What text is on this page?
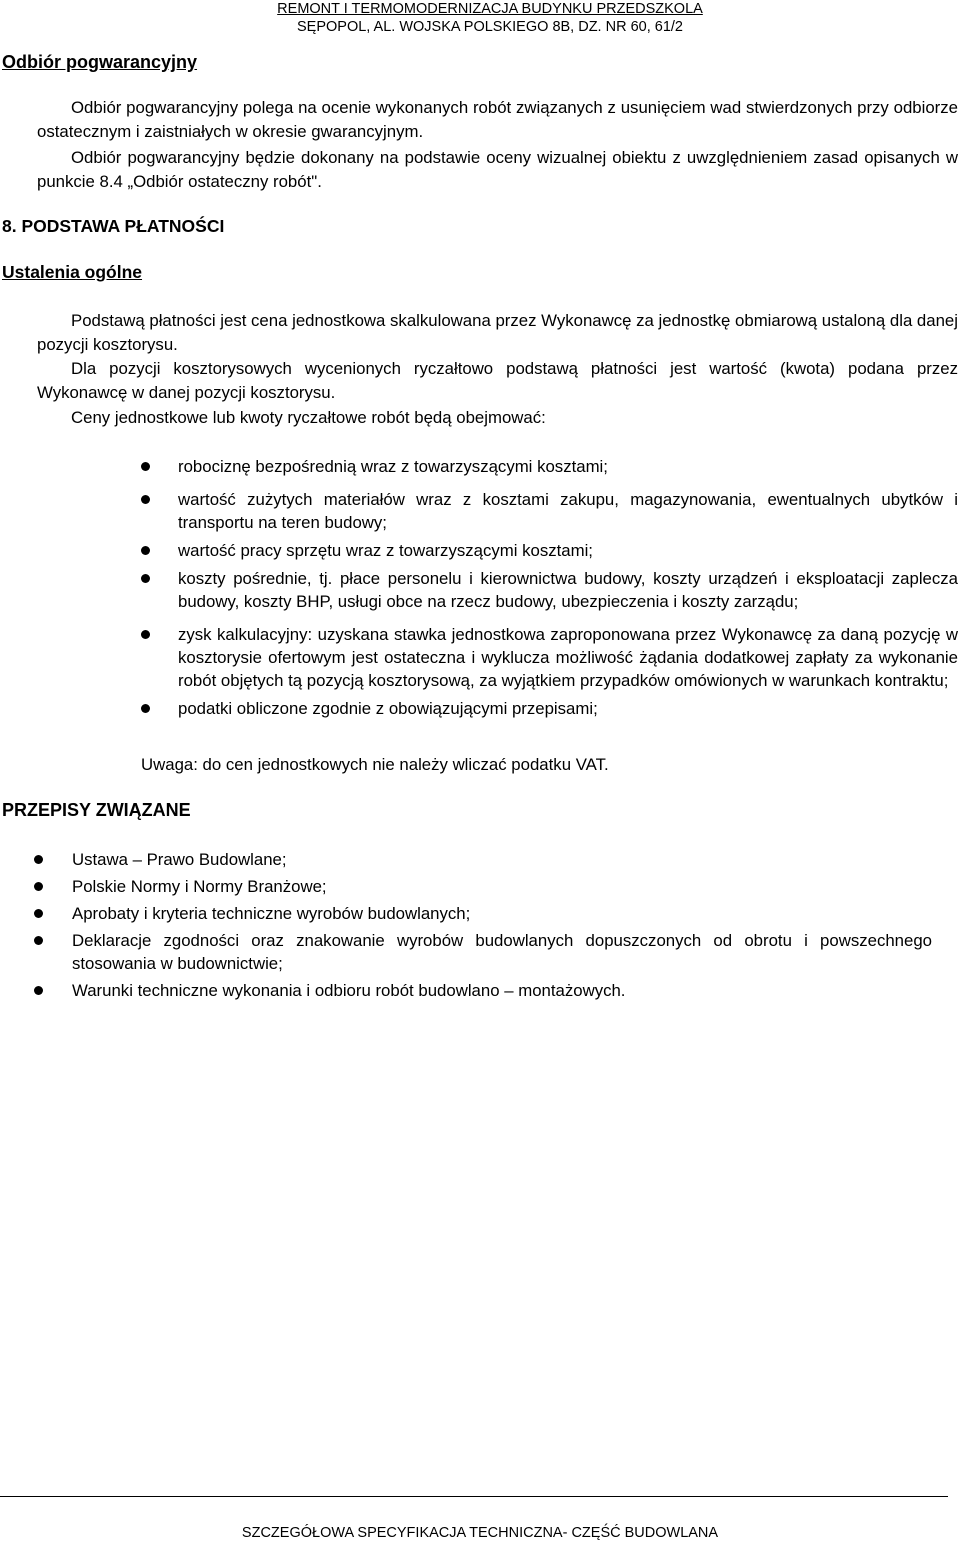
REMONT I TERMOMODERNIZACJA BUDYNKU PRZEDSZKOLA
SĘPOPOL, AL. WOJSKA POLSKIEGO 8B, DZ. NR 60, 61/2
Odbiór pogwarancyjny
Odbiór pogwarancyjny polega na ocenie wykonanych robót związanych z usunięciem wad stwierdzonych przy odbiorze ostatecznym i zaistniałych w okresie gwarancyjnym.
Odbiór pogwarancyjny będzie dokonany na podstawie oceny wizualnej obiektu z uwzględnieniem zasad opisanych w punkcie 8.4 „Odbiór ostateczny robót".
8. PODSTAWA PŁATNOŚCI
Ustalenia ogólne
Podstawą płatności jest cena jednostkowa skalkulowana przez Wykonawcę za jednostkę obmiarową ustaloną dla danej pozycji kosztorysu.
Dla pozycji kosztorysowych wycenionych ryczałtowo podstawą płatności jest wartość (kwota) podana przez Wykonawcę w danej pozycji kosztorysu.
Ceny jednostkowe lub kwoty ryczałtowe robót będą obejmować:
robociznę bezpośrednią wraz z towarzyszącymi kosztami;
wartość zużytych materiałów wraz z kosztami zakupu, magazynowania, ewentualnych ubytków i transportu na teren budowy;
wartość pracy sprzętu wraz z towarzyszącymi kosztami;
koszty pośrednie, tj. płace personelu i kierownictwa budowy, koszty urządzeń i eksploatacji zaplecza budowy, koszty BHP, usługi obce na rzecz budowy, ubezpieczenia i koszty zarządu;
zysk kalkulacyjny: uzyskana stawka jednostkowa zaproponowana przez Wykonawcę za daną pozycję w kosztorysie ofertowym jest ostateczna i wyklucza możliwość żądania dodatkowej zapłaty za wykonanie robót objętych tą pozycją kosztorysową, za wyjątkiem przypadków omówionych w warunkach kontraktu;
podatki obliczone zgodnie z obowiązującymi przepisami;
Uwaga: do cen jednostkowych nie należy wliczać podatku VAT.
PRZEPISY ZWIĄZANE
Ustawa – Prawo Budowlane;
Polskie Normy i Normy Branżowe;
Aprobaty i kryteria techniczne wyrobów budowlanych;
Deklaracje zgodności oraz znakowanie wyrobów budowlanych dopuszczonych od obrotu i powszechnego stosowania w budownictwie;
Warunki techniczne wykonania i odbioru robót budowlano – montażowych.
SZCZEGÓŁOWA SPECYFIKACJA TECHNICZNA- CZĘŚĆ BUDOWLANA
